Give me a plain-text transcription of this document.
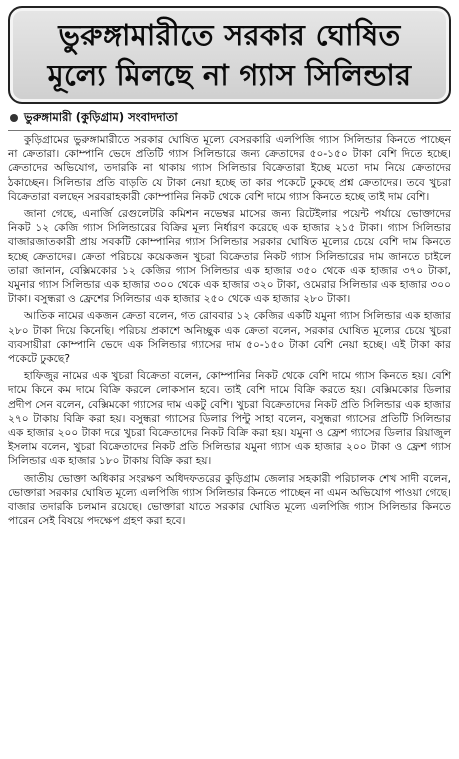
ভুরুঙ্গামারীতে সরকার ঘোষিত
মূল্যে মিলছে না গ্যাস সিলিন্ডার
ভুরুঙ্গামারী (কুড়িগ্রাম) সংবাদদাতা

কুড়িগ্রামের ভুরুঙ্গামারীতে সরকার ঘোষিত মূল্যে বেসরকারি এলপিজি গ্যাস সিলিন্ডার কিনতে পাচ্ছেন না ক্রেতারা। কোম্পানি ভেদে প্রতিটি গ্যাস সিলিন্ডারে জন্য ক্রেতাদের ৫০-১৫০ টাকা বেশি দিতে হচ্ছে। ক্রেতাদের অভিযোগ, তদারকি না থাকায় গ্যাস সিলিন্ডার বিক্রেতারা ইচ্ছে মতো দাম নিয়ে ক্রেতাদের ঠকাচ্ছেন। সিলিন্ডার প্রতি বাড়তি যে টাকা নেয়া হচ্ছে তা কার পকেটে ঢুকছে প্রশ্ন ক্রেতাদের। তবে খুচরা বিক্রেতারা বলছেন সরবরাহকারী কোম্পানির নিকট থেকে বেশি দামে গ্যাস কিনতে হচ্ছে তাই দাম বেশি।

জানা গেছে, এনার্জি রেগুলেটরি কমিশন নভেম্বর মাসের জন্য রিটেইলার পয়েন্ট পর্যায়ে ভোক্তাদের নিকট ১২ কেজি গ্যাস সিলিন্ডারের বিক্রির মূল্য নির্ধারণ করেছে এক হাজার ২১৫ টাকা। গ্যাস সিলিন্ডার বাজারজাতকারী প্রায় সবকটি কোম্পানির গ্যাস সিলিন্ডার সরকার ঘোষিত মূল্যের চেয়ে বেশি দাম কিনতে হচ্ছে ক্রেতাদের। ক্রেতা পরিচয়ে কয়েকজন খুচরা বিক্রেতার নিকট গ্যাস সিলিন্ডারের দাম জানতে চাইলে তারা জানান, বেক্সিমকোর ১২ কেজির গ্যাস সিলিন্ডার এক হাজার ৩৫০ থেকে এক হাজার ৩৭০ টাকা, যমুনার গ্যাস সিলিন্ডার এক হাজার ৩০০ থেকে এক হাজার ৩২০ টাকা, ওমেরার সিলিন্ডার এক হাজার ৩০০ টাকা। বসুন্ধরা ও ফ্রেশের সিলিন্ডার এক হাজার ২৫০ থেকে এক হাজার ২৮০ টাকা।

আতিক নামের একজন ক্রেতা বলেন, গত রোববার ১২ কেজির একটি যমুনা গ্যাস সিলিন্ডার এক হাজার ২৮০ টাকা দিয়ে কিনেছি। পরিচয় প্রকাশে অনিচ্ছুক এক ক্রেতা বলেন, সরকার ঘোষিত মূল্যের চেয়ে খুচরা ব্যবসায়ীরা কোম্পানি ভেদে এক সিলিন্ডার গ্যাসের দাম ৫০-১৫০ টাকা বেশি নেয়া হচ্ছে। এই টাকা কার পকেটে ঢুকছে?

হাফিজুর নামের এক খুচরা বিক্রেতা বলেন, কোম্পানির নিকট থেকে বেশি দামে গ্যাস কিনতে হয়। বেশি দামে কিনে কম দামে বিক্রি করলে লোকসান হবে। তাই বেশি দামে বিক্রি করতে হয়। বেক্সিমকোর ডিলার প্রদীপ সেন বলেন, বেক্সিমকো গ্যাসের দাম একটু বেশি। খুচরা বিক্রেতাদের নিকট প্রতি সিলিন্ডার এক হাজার ২৭০ টাকায় বিক্রি করা হয়। বসুন্ধরা গ্যাসের ডিলার পিন্টু সাহা বলেন, বসুন্ধরা গ্যাসের প্রতিটি সিলিন্ডার এক হাজার ২০০ টাকা দরে খুচরা বিক্রেতাদের নিকট বিক্রি করা হয়। যমুনা ও ফ্রেশ গ্যাসের ডিলার রিয়াজুল ইসলাম বলেন, খুচরা বিক্রেতাদের নিকট প্রতি সিলিন্ডার যমুনা গ্যাস এক হাজার ২০০ টাকা ও ফ্রেশ গ্যাস সিলিন্ডার এক হাজার ১৮০ টাকায় বিক্রি করা হয়।

জাতীয় ভোক্তা অধিকার সংরক্ষণ অধিদফতরের কুড়িগ্রাম জেলার সহকারী পরিচালক শেখ সাদী বলেন, ভোক্তারা সরকার ঘোষিত মূল্যে এলপিজি গ্যাস সিলিন্ডার কিনতে পাচ্ছেন না এমন অভিযোগ পাওয়া গেছে। বাজার তদারকি চলমান রয়েছে। ভোক্তারা যাতে সরকার ঘোষিত মূল্যে এলপিজি গ্যাস সিলিন্ডার কিনতে পারেন সেই বিষয়ে পদক্ষেপ গ্রহণ করা হবে।
